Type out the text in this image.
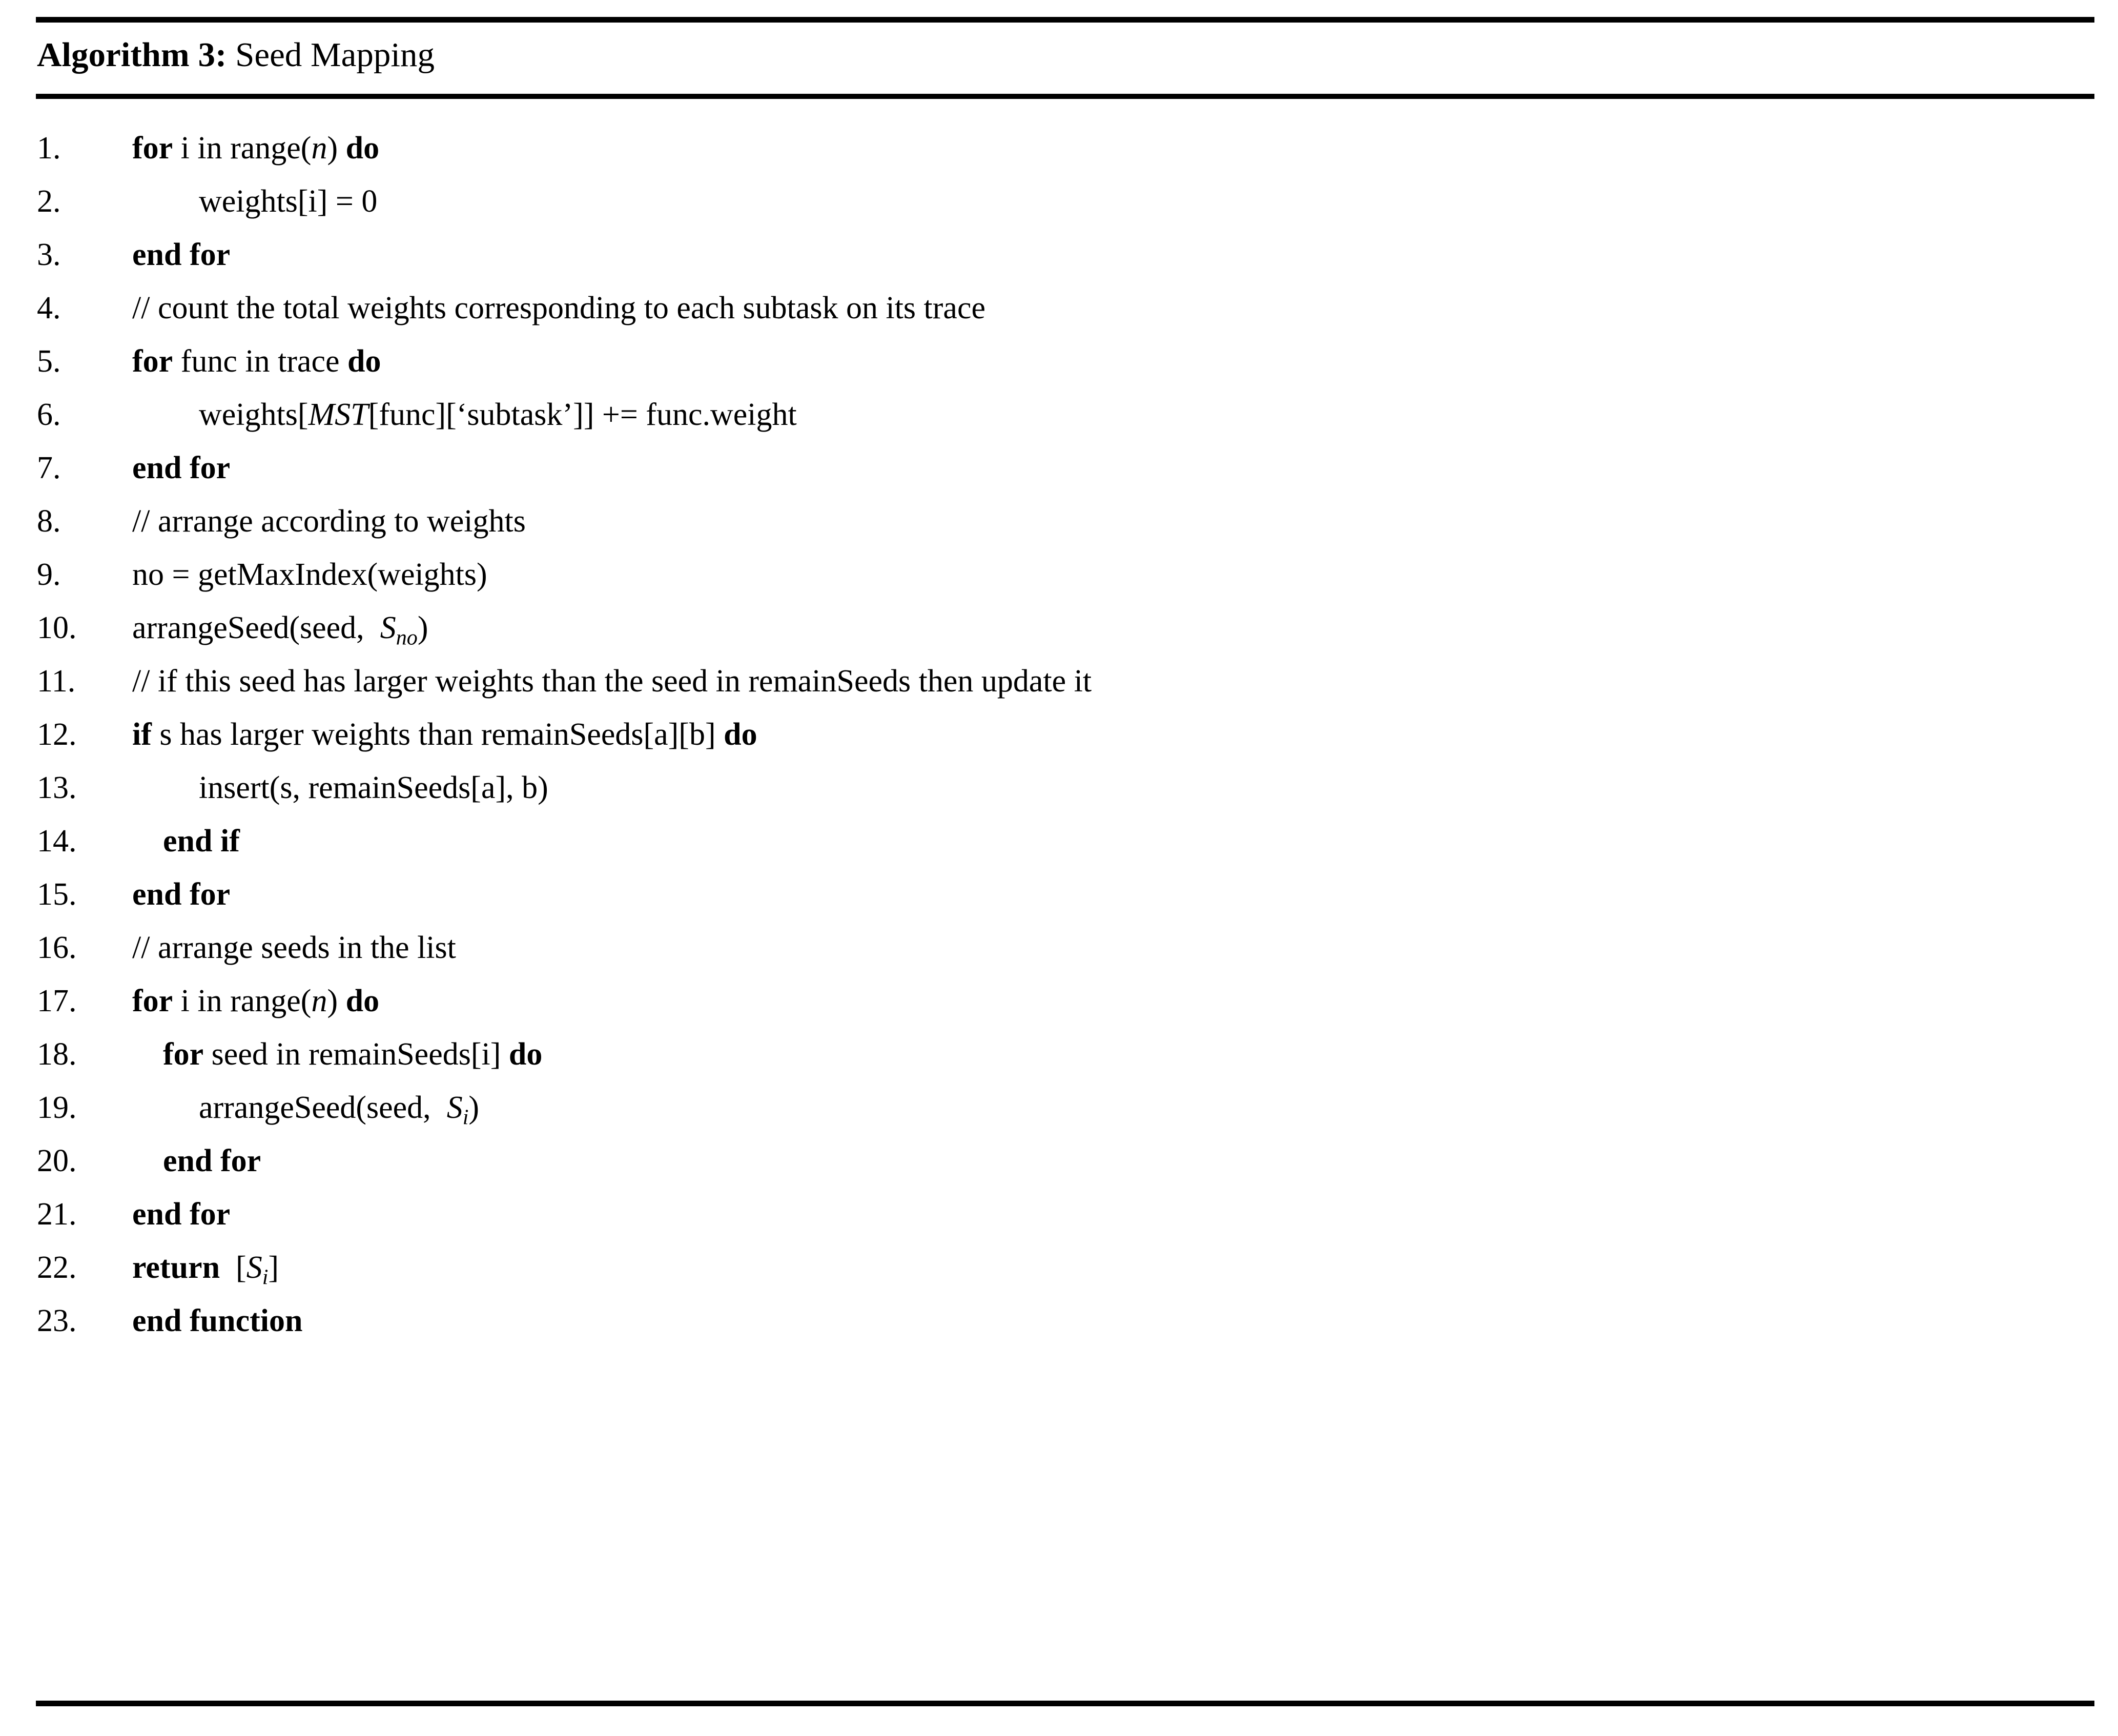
Algorithm 3: Seed Mapping
1. for i in range(n) do
2.	weights[i] = 0
3. end for
4. // count the total weights corresponding to each subtask on its trace
5. for func in trace do
6.	weights[MST[func][‘subtask’]] += func.weight
7. end for
8. // arrange according to weights
9. no = getMaxIndex(weights)
10. arrangeSeed(seed,  $S_{no}$)
11. // if this seed has larger weights than the seed in remainSeeds then update it
12. if s has larger weights than remainSeeds[a][b] do
13.	insert(s, remainSeeds[a], b)
14.	end if
15. end for
16. // arrange seeds in the list
17. for i in range(n) do
18.	for seed in remainSeeds[i] do
19.	arrangeSeed(seed,  $S_i$)
20.	end for
21. end for
22. return  $[S_i]$
23. end function
